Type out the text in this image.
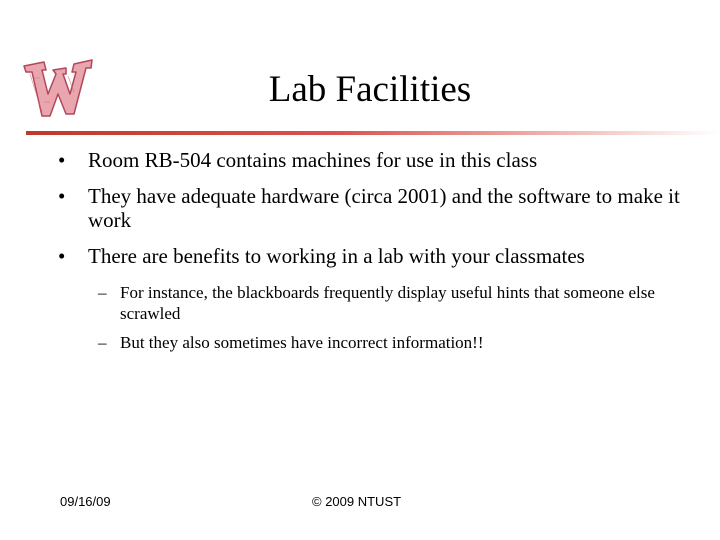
Lab Facilities
• Room RB-504 contains machines for use in this class
• They have adequate hardware (circa 2001) and the software to make it work
• There are benefits to working in a lab with your classmates
– For instance, the blackboards frequently display useful hints that someone else scrawled
– But they also sometimes have incorrect information!!
09/16/09	© 2009 NTUST
